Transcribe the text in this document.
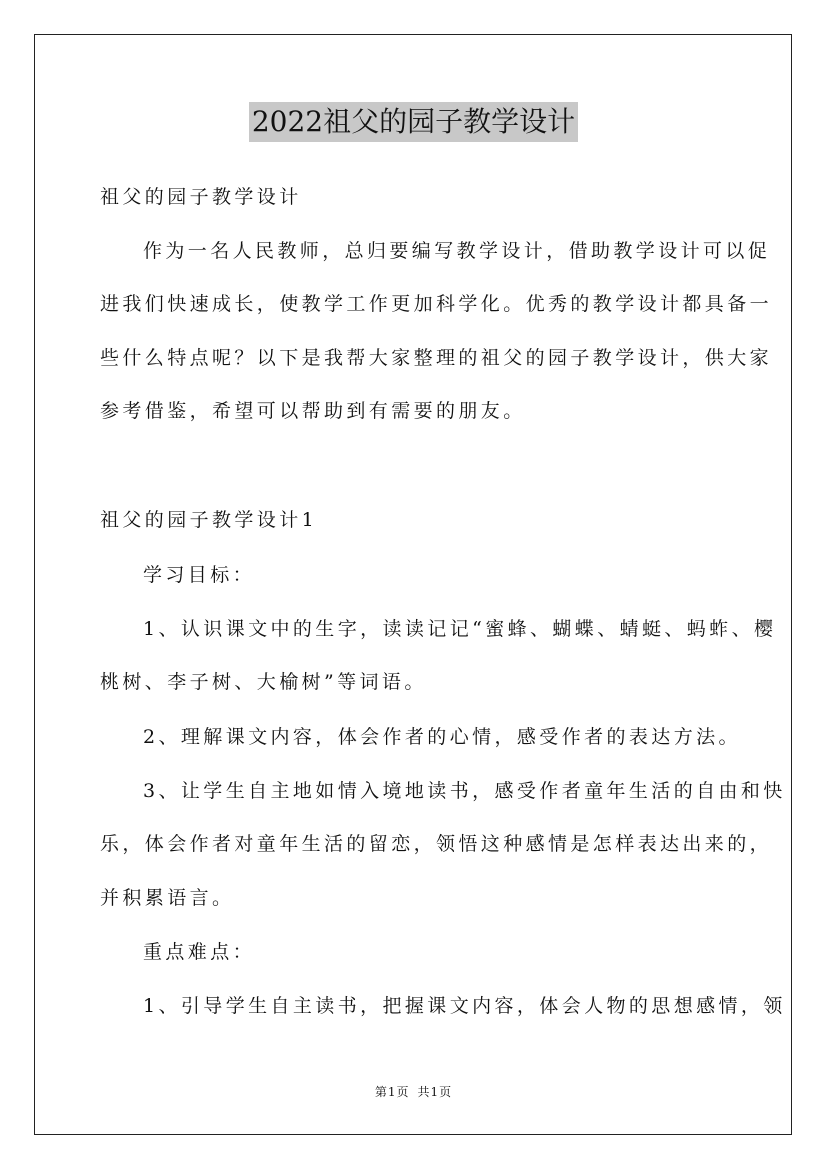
2022祖父的园子教学设计
祖父的园子教学设计
作为一名人民教师，总归要编写教学设计，借助教学设计可以促
进我们快速成长，使教学工作更加科学化。优秀的教学设计都具备一
些什么特点呢？以下是我帮大家整理的祖父的园子教学设计，供大家
参考借鉴，希望可以帮助到有需要的朋友。
祖父的园子教学设计1
学习目标：
1、认识课文中的生字，读读记记“蜜蜂、蝴蝶、蜻蜓、蚂蚱、樱
桃树、李子树、大榆树”等词语。
2、理解课文内容，体会作者的心情，感受作者的表达方法。
3、让学生自主地如情入境地读书，感受作者童年生活的自由和快
乐，体会作者对童年生活的留恋，领悟这种感情是怎样表达出来的，
并积累语言。
重点难点：
1、引导学生自主读书，把握课文内容，体会人物的思想感情，领
第1页 共1页
